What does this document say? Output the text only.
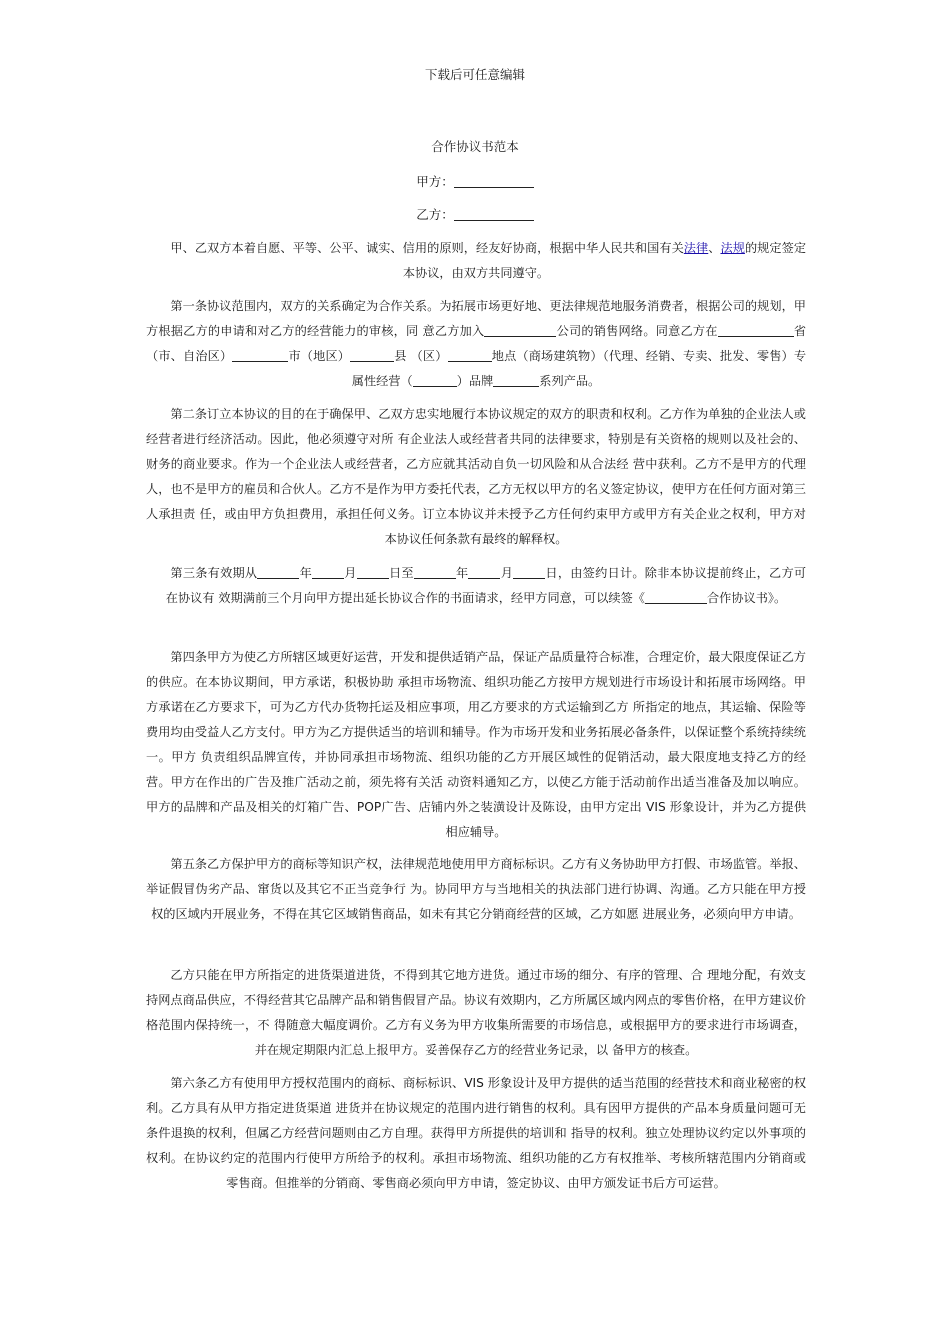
下载后可任意编辑
合作协议书范本
甲方：
乙方：

甲、乙双方本着自愿、平等、公平、诚实、信用的原则，经友好协商，根据中华人民共和国有关法律、法规的规定签定本协议，由双方共同遵守。

第一条协议范围内，双方的关系确定为合作关系。为拓展市场更好地、更法律规范地服务消费者，根据公司的规划，甲方根据乙方的申请和对乙方的经营能力的审核，同 意乙方加入	公司的销售网络。同意乙方在	省（市、自治区）	市（地区）	县 （区）	地点（商场建筑物）（代理、经销、专卖、批发、零售）专属性经营（	）品牌	系列产品。

第二条订立本协议的目的在于确保甲、乙双方忠实地履行本协议规定的双方的职责和权利。乙方作为单独的企业法人或经营者进行经济活动。因此，他必须遵守对所 有企业法人或经营者共同的法律要求，特别是有关资格的规则以及社会的、财务的商业要求。作为一个企业法人或经营者，乙方应就其活动自负一切风险和从合法经 营中获利。乙方不是甲方的代理人，也不是甲方的雇员和合伙人。乙方不是作为甲方委托代表，乙方无权以甲方的名义签定协议，使甲方在任何方面对第三人承担责 任，或由甲方负担费用，承担任何义务。订立本协议并未授予乙方任何约束甲方或甲方有关企业之权利，甲方对本协议任何条款有最终的解释权。

第三条有效期从	年	月	日至	年	月	日，由签约日计。除非本协议提前终止，乙方可在协议有 效期满前三个月向甲方提出延长协议合作的书面请求，经甲方同意，可以续签《	合作协议书》。

第四条甲方为使乙方所辖区域更好运营，开发和提供适销产品，保证产品质量符合标准，合理定价，最大限度保证乙方的供应。在本协议期间，甲方承诺，积极协助 承担市场物流、组织功能乙方按甲方规划进行市场设计和拓展市场网络。甲方承诺在乙方要求下，可为乙方代办货物托运及相应事项，用乙方要求的方式运输到乙方 所指定的地点，其运输、保险等费用均由受益人乙方支付。甲方为乙方提供适当的培训和辅导。作为市场开发和业务拓展必备条件，以保证整个系统持续统一。甲方 负责组织品牌宣传，并协同承担市场物流、组织功能的乙方开展区域性的促销活动，最大限度地支持乙方的经营。甲方在作出的广告及推广活动之前，须先将有关活 动资料通知乙方，以使乙方能于活动前作出适当准备及加以响应。甲方的品牌和产品及相关的灯箱广告、POP广告、店铺内外之装潢设计及陈设，由甲方定出 VIS 形象设计，并为乙方提供相应辅导。

第五条乙方保护甲方的商标等知识产权，法律规范地使用甲方商标标识。乙方有义务协助甲方打假、市场监管。举报、举证假冒伪劣产品、窜货以及其它不正当竞争行 为。协同甲方与当地相关的执法部门进行协调、沟通。乙方只能在甲方授权的区域内开展业务，不得在其它区域销售商品，如未有其它分销商经营的区域，乙方如愿 进展业务，必须向甲方申请。

乙方只能在甲方所指定的进货渠道进货，不得到其它地方进货。通过市场的细分、有序的管理、合 理地分配，有效支持网点商品供应，不得经营其它品牌产品和销售假冒产品。协议有效期内，乙方所属区域内网点的零售价格，在甲方建议价格范围内保持统一，不 得随意大幅度调价。乙方有义务为甲方收集所需要的市场信息，或根据甲方的要求进行市场调查，并在规定期限内汇总上报甲方。妥善保存乙方的经营业务记录，以 备甲方的核查。

第六条乙方有使用甲方授权范围内的商标、商标标识、VIS 形象设计及甲方提供的适当范围的经营技术和商业秘密的权利。乙方具有从甲方指定进货渠道 进货并在协议规定的范围内进行销售的权利。具有因甲方提供的产品本身质量问题可无条件退换的权利，但属乙方经营问题则由乙方自理。获得甲方所提供的培训和 指导的权利。独立处理协议约定以外事项的权利。在协议约定的范围内行使甲方所给予的权利。承担市场物流、组织功能的乙方有权推举、考核所辖范围内分销商或 零售商。但推举的分销商、零售商必须向甲方申请，签定协议、由甲方颁发证书后方可运营。
